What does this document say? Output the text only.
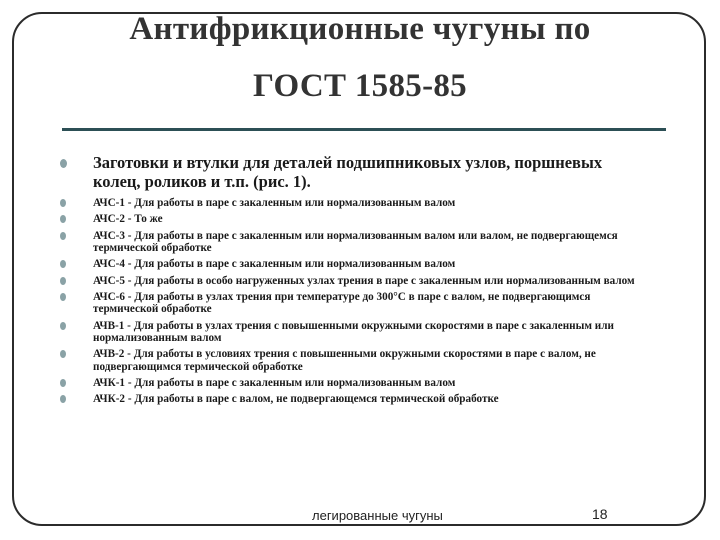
Антифрикционные чугуны по
ГОСТ 1585-85
Заготовки и втулки для деталей подшипниковых узлов, поршневых колец, роликов и т.п. (рис. 1).
АЧС-1 - Для работы в паре с закаленным или нормализованным валом
АЧС-2 - То же
АЧС-3 - Для работы в паре с закаленным или нормализованным валом или валом, не подвергающемся термической обработке
АЧС-4 - Для работы в паре с закаленным или нормализованным валом
АЧС-5 - Для работы в особо нагруженных узлах трения в паре с закаленным или нормализованным валом
АЧС-6 - Для работы в узлах трения при температуре до 300°С в паре с валом, не подвергающимся термической обработке
АЧВ-1 - Для работы в узлах трения с повышенными окружными скоростями в паре с закаленным или нормализованным валом
АЧВ-2 - Для работы в условиях трения с повышенными окружными скоростями в паре с валом, не подвергающимся термической обработке
АЧК-1 - Для работы в паре с закаленным или нормализованным валом
АЧК-2 - Для работы в паре с валом, не подвергающемся термической обработке
легированные чугуны	18
